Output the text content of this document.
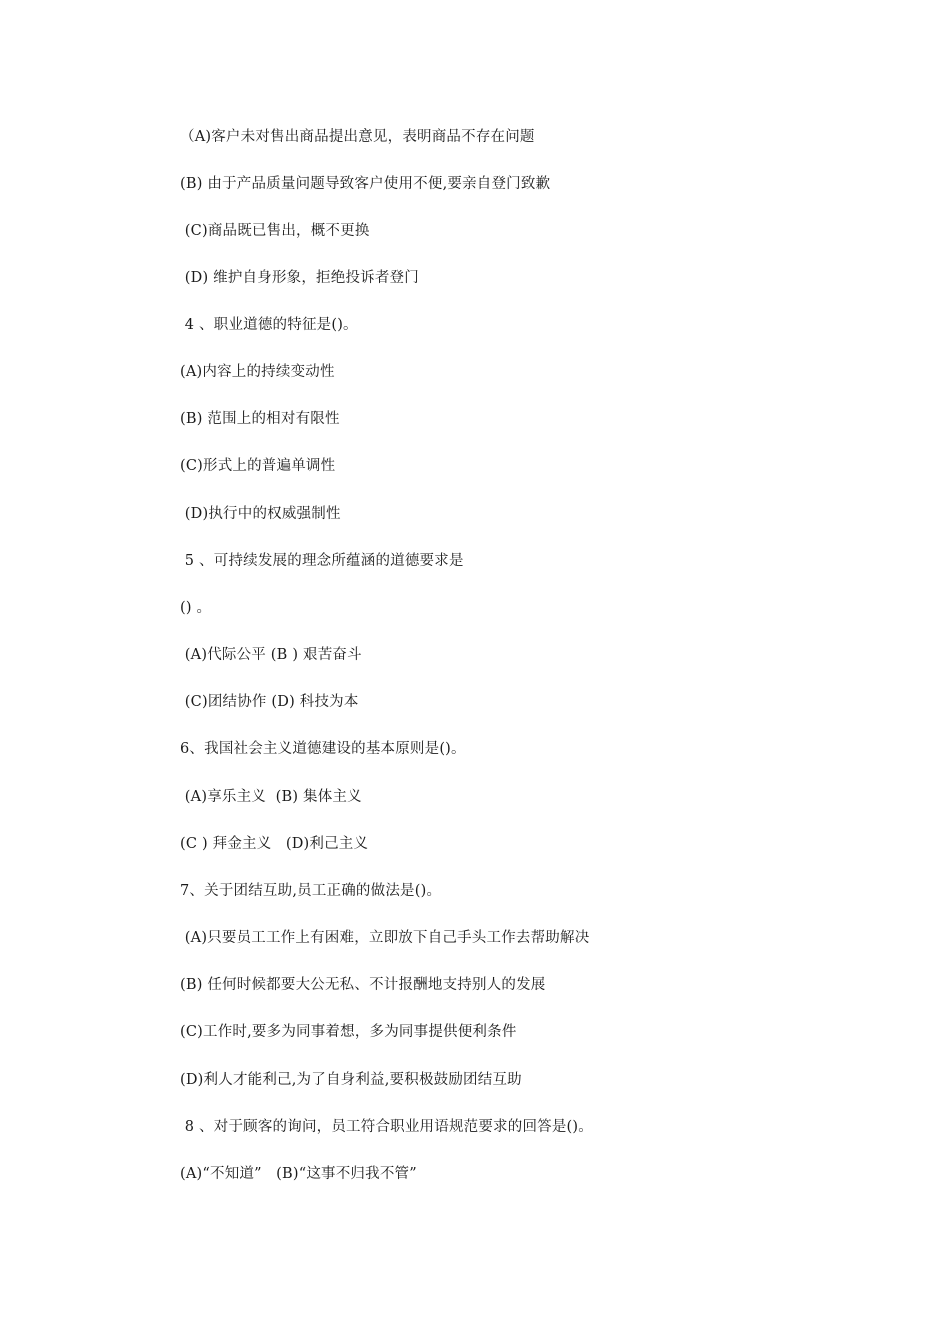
（A)客户未对售出商品提出意见，表明商品不存在问题
(B) 由于产品质量问题导致客户使用不便,要亲自登门致歉
(C)商品既已售出，概不更换
(D) 维护自身形象，拒绝投诉者登门
4 、职业道德的特征是()。
(A)内容上的持续变动性
(B) 范围上的相对有限性
(C)形式上的普遍单调性
(D)执行中的权威强制性
5 、可持续发展的理念所蕴涵的道德要求是
() 。
(A)代际公平 (B ) 艰苦奋斗
(C)团结协作 (D) 科技为本
6、我国社会主义道德建设的基本原则是()。
(A)享乐主义  (B) 集体主义
(C ) 拜金主义   (D)利己主义
7、关于团结互助,员工正确的做法是()。
(A)只要员工工作上有困难，立即放下自己手头工作去帮助解决
(B) 任何时候都要大公无私、不计报酬地支持别人的发展
(C)工作时,要多为同事着想，多为同事提供便利条件
(D)利人才能利己,为了自身利益,要积极鼓励团结互助
8 、对于顾客的询问，员工符合职业用语规范要求的回答是()。
(A)“不知道”   (B)“这事不归我不管”
